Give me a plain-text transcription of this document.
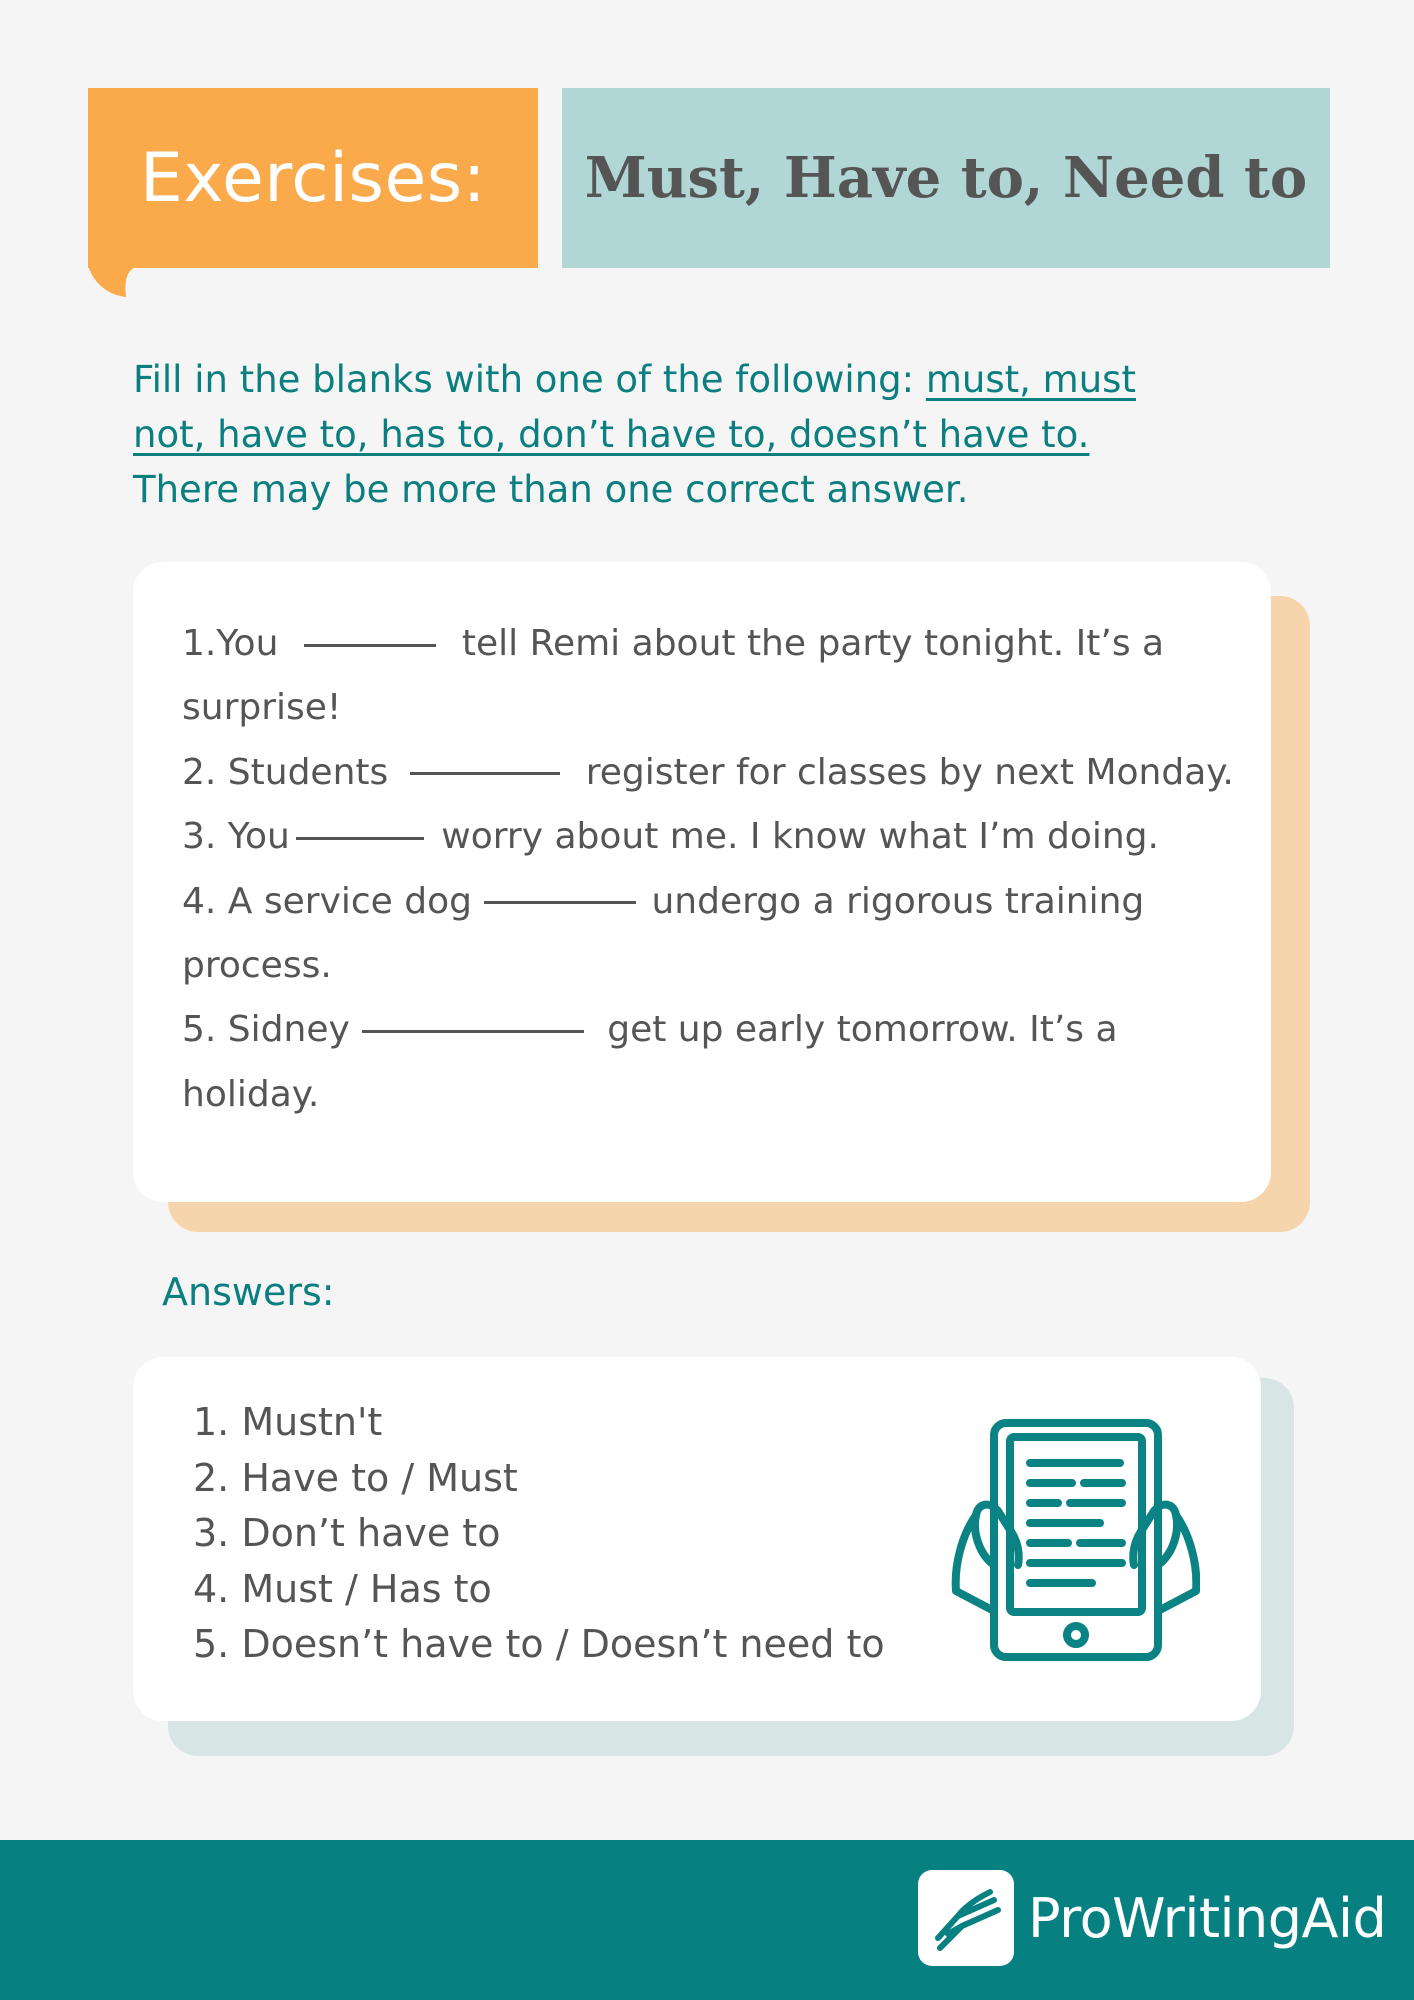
Exercises:	Must, Have to, Need to
Fill in the blanks with one of the following: must, must
not, have to, has to, don’t have to, doesn’t have to.
There may be more than one correct answer.
1.You	tell Remi about the party tonight. It’s a surprise!
2. Students	register for classes by next Monday.
3. You	worry about me. I know what I’m doing.
4. A service dog	undergo a rigorous training process.
5. Sidney	get up early tomorrow. It’s a holiday.
Answers:
1. Mustn't
2. Have to / Must
3. Don’t have to
4. Must / Has to
5. Doesn’t have to / Doesn’t need to
ProWritingAid
